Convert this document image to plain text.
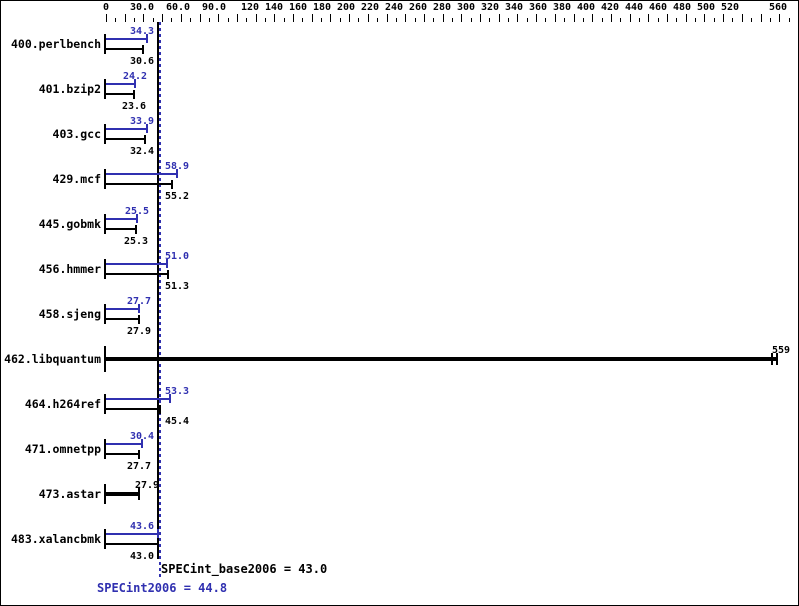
0	30.0	60.0	90.0	120 140 160 180 200 220 240 260 280 300 320 340 360 380 400 420 440 460 480 500 520	560
400.perlbench
34.3
30.6
401.bzip2
24.2
23.6
403.gcc
33.9
32.4
429.mcf
58.9
55.2
445.gobmk
25.5
25.3
456.hmmer
51.0
51.3
458.sjeng
27.7
27.9
462.libquantum
559
464.h264ref
53.3
45.4
471.omnetpp
30.4
27.7
473.astar
27.9
483.xalancbmk
43.6
43.0
SPECint_base2006 = 43.0
SPECint2006 = 44.8
